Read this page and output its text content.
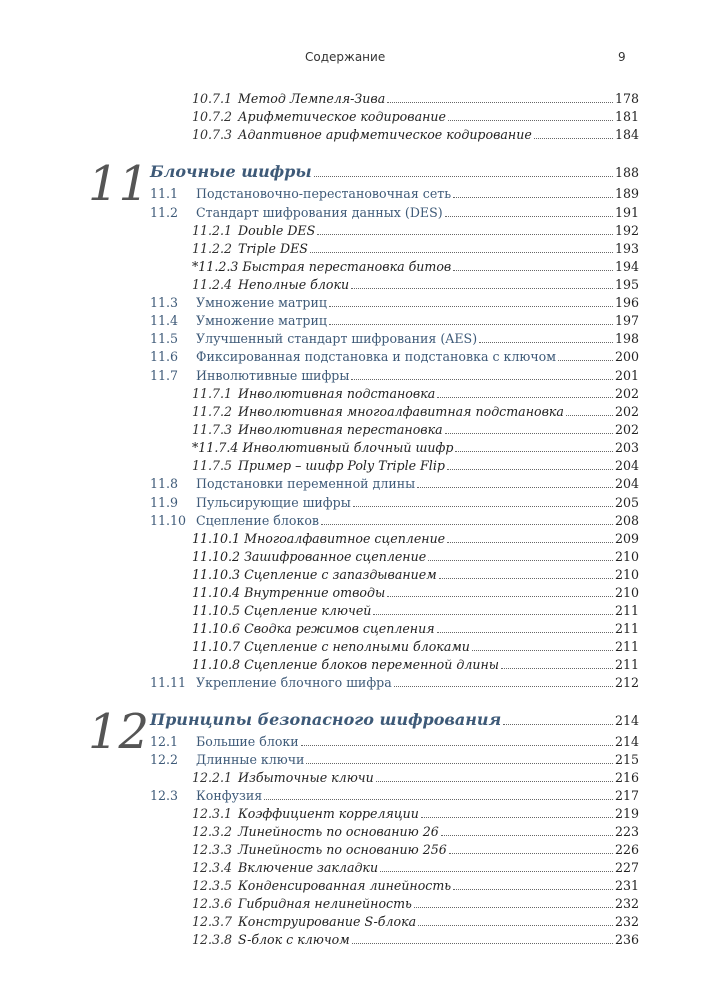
Содержание	9
10.7.1 Метод Лемпеля-Зива	178
10.7.2 Арифметическое кодирование	181
10.7.3 Адаптивное арифметическое кодирование	184
11 Блочные шифры	188
11.1	Подстановочно-перестановочная сеть	189
11.2	Стандарт шифрования данных (DES)	191
11.2.1 Double DES	192
11.2.2 Triple DES	193
*11.2.3 Быстрая перестановка битов	194
11.2.4 Неполные блоки	195
11.3	Умножение матриц	196
11.4	Умножение матриц	197
11.5	Улучшенный стандарт шифрования (AES)	198
11.6	Фиксированная подстановка и подстановка с ключом	200
11.7	Инволютивные шифры	201
11.7.1 Инволютивная подстановка	202
11.7.2 Инволютивная многоалфавитная подстановка	202
11.7.3 Инволютивная перестановка	202
*11.7.4 Инволютивный блочный шифр	203
11.7.5 Пример – шифр Poly Triple Flip	204
11.8	Подстановки переменной длины	204
11.9	Пульсирующие шифры	205
11.10 Сцепление блоков	208
11.10.1 Многоалфавитное сцепление	209
11.10.2 Зашифрованное сцепление	210
11.10.3 Сцепление с запаздыванием	210
11.10.4 Внутренние отводы	210
11.10.5 Сцепление ключей	211
11.10.6 Сводка режимов сцепления	211
11.10.7 Сцепление с неполными блоками	211
11.10.8 Сцепление блоков переменной длины	211
11.11 Укрепление блочного шифра	212
12 Принципы безопасного шифрования	214
12.1	Большие блоки	214
12.2	Длинные ключи	215
12.2.1 Избыточные ключи	216
12.3	Конфузия	217
12.3.1 Коэффициент корреляции	219
12.3.2 Линейность по основанию 26	223
12.3.3 Линейность по основанию 256	226
12.3.4 Включение закладки	227
12.3.5 Конденсированная линейность	231
12.3.6 Гибридная нелинейность	232
12.3.7 Конструирование S-блока	232
12.3.8 S-блок с ключом	236
